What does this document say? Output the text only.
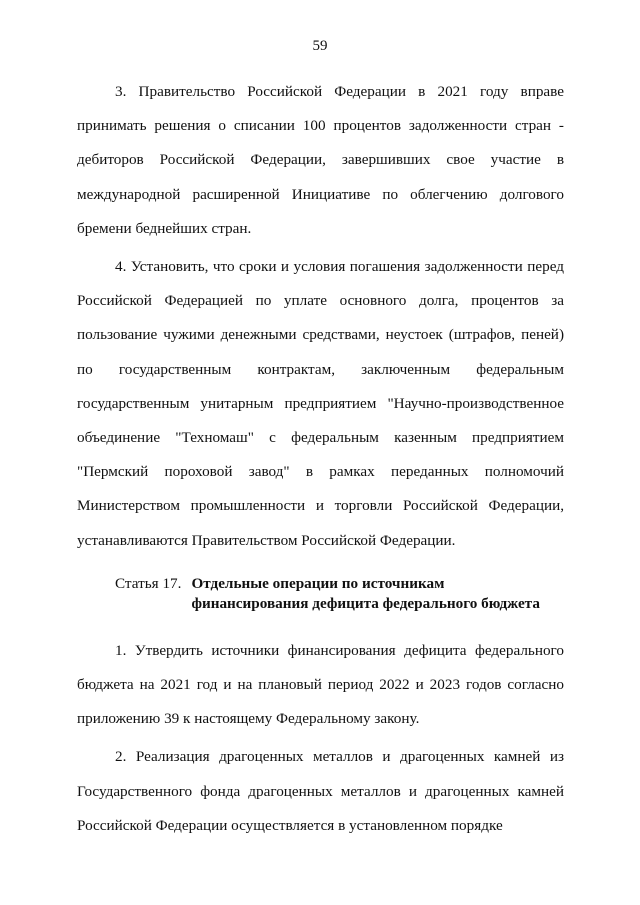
59

3. Правительство Российской Федерации в 2021 году вправе принимать решения о списании 100 процентов задолженности стран - дебиторов Российской Федерации, завершивших свое участие в международной расширенной Инициативе по облегчению долгового бремени беднейших стран.

4. Установить, что сроки и условия погашения задолженности перед Российской Федерацией по уплате основного долга, процентов за пользование чужими денежными средствами, неустоек (штрафов, пеней) по государственным контрактам, заключенным федеральным государственным унитарным предприятием "Научно-производственное объединение "Техномаш" с федеральным казенным предприятием "Пермский пороховой завод" в рамках переданных полномочий Министерством промышленности и торговли Российской Федерации, устанавливаются Правительством Российской Федерации.

Статья 17. Отдельные операции по источникам финансирования дефицита федерального бюджета

1. Утвердить источники финансирования дефицита федерального бюджета на 2021 год и на плановый период 2022 и 2023 годов согласно приложению 39 к настоящему Федеральному закону.

2. Реализация драгоценных металлов и драгоценных камней из Государственного фонда драгоценных металлов и драгоценных камней Российской Федерации осуществляется в установленном порядке
